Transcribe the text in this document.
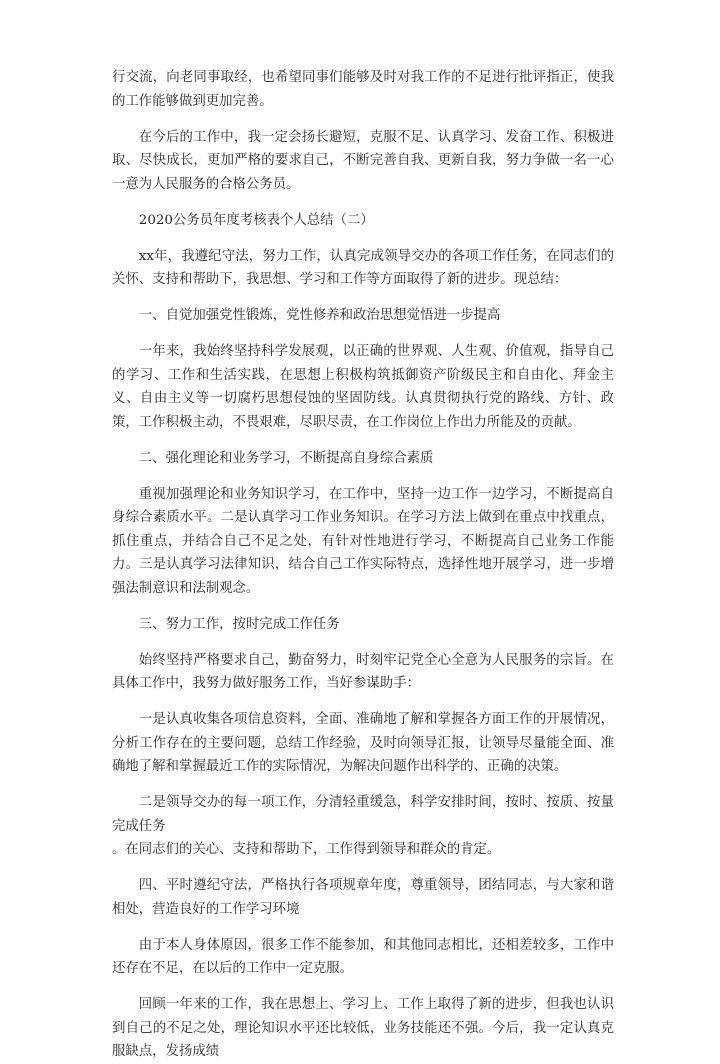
行交流，向老同事取经，也希望同事们能够及时对我工作的不足进行批评指正，使我的工作能够做到更加完善。

在今后的工作中，我一定会扬长避短，克服不足、认真学习、发奋工作、积极进取、尽快成长，更加严格的要求自己，不断完善自我、更新自我，努力争做一名一心一意为人民服务的合格公务员。

2020公务员年度考核表个人总结（二）

xx年，我遵纪守法，努力工作，认真完成领导交办的各项工作任务，在同志们的关怀、支持和帮助下，我思想、学习和工作等方面取得了新的进步。现总结：

一、自觉加强党性锻炼，党性修养和政治思想觉悟进一步提高

一年来，我始终坚持科学发展观，以正确的世界观、人生观、价值观，指导自己的学习、工作和生活实践，在思想上积极构筑抵御资产阶级民主和自由化、拜金主义、自由主义等一切腐朽思想侵蚀的坚固防线。认真贯彻执行党的路线、方针、政策，工作积极主动，不畏艰难，尽职尽责，在工作岗位上作出力所能及的贡献。

二、强化理论和业务学习，不断提高自身综合素质

重视加强理论和业务知识学习，在工作中，坚持一边工作一边学习，不断提高自身综合素质水平。二是认真学习工作业务知识。在学习方法上做到在重点中找重点，抓住重点，并结合自己不足之处，有针对性地进行学习，不断提高自己业务工作能力。三是认真学习法律知识，结合自己工作实际特点，选择性地开展学习，进一步增强法制意识和法制观念。

三、努力工作，按时完成工作任务

始终坚持严格要求自己，勤奋努力，时刻牢记党全心全意为人民服务的宗旨。在具体工作中，我努力做好服务工作，当好参谋助手：

一是认真收集各项信息资料，全面、准确地了解和掌握各方面工作的开展情况，分析工作存在的主要问题，总结工作经验，及时向领导汇报，让领导尽量能全面、准确地了解和掌握最近工作的实际情况，为解决问题作出科学的、正确的决策。

二是领导交办的每一项工作，分清轻重缓急，科学安排时间，按时、按质、按量完成任务

。在同志们的关心、支持和帮助下，工作得到领导和群众的肯定。

四、平时遵纪守法，严格执行各项规章年度，尊重领导，团结同志，与大家和谐相处，营造良好的工作学习环境

由于本人身体原因，很多工作不能参加，和其他同志相比，还相差较多，工作中还存在不足，在以后的工作中一定克服。

回顾一年来的工作，我在思想上、学习上、工作上取得了新的进步，但我也认识到自己的不足之处，理论知识水平还比较低，业务技能还不强。今后，我一定认真克服缺点，发扬成绩
